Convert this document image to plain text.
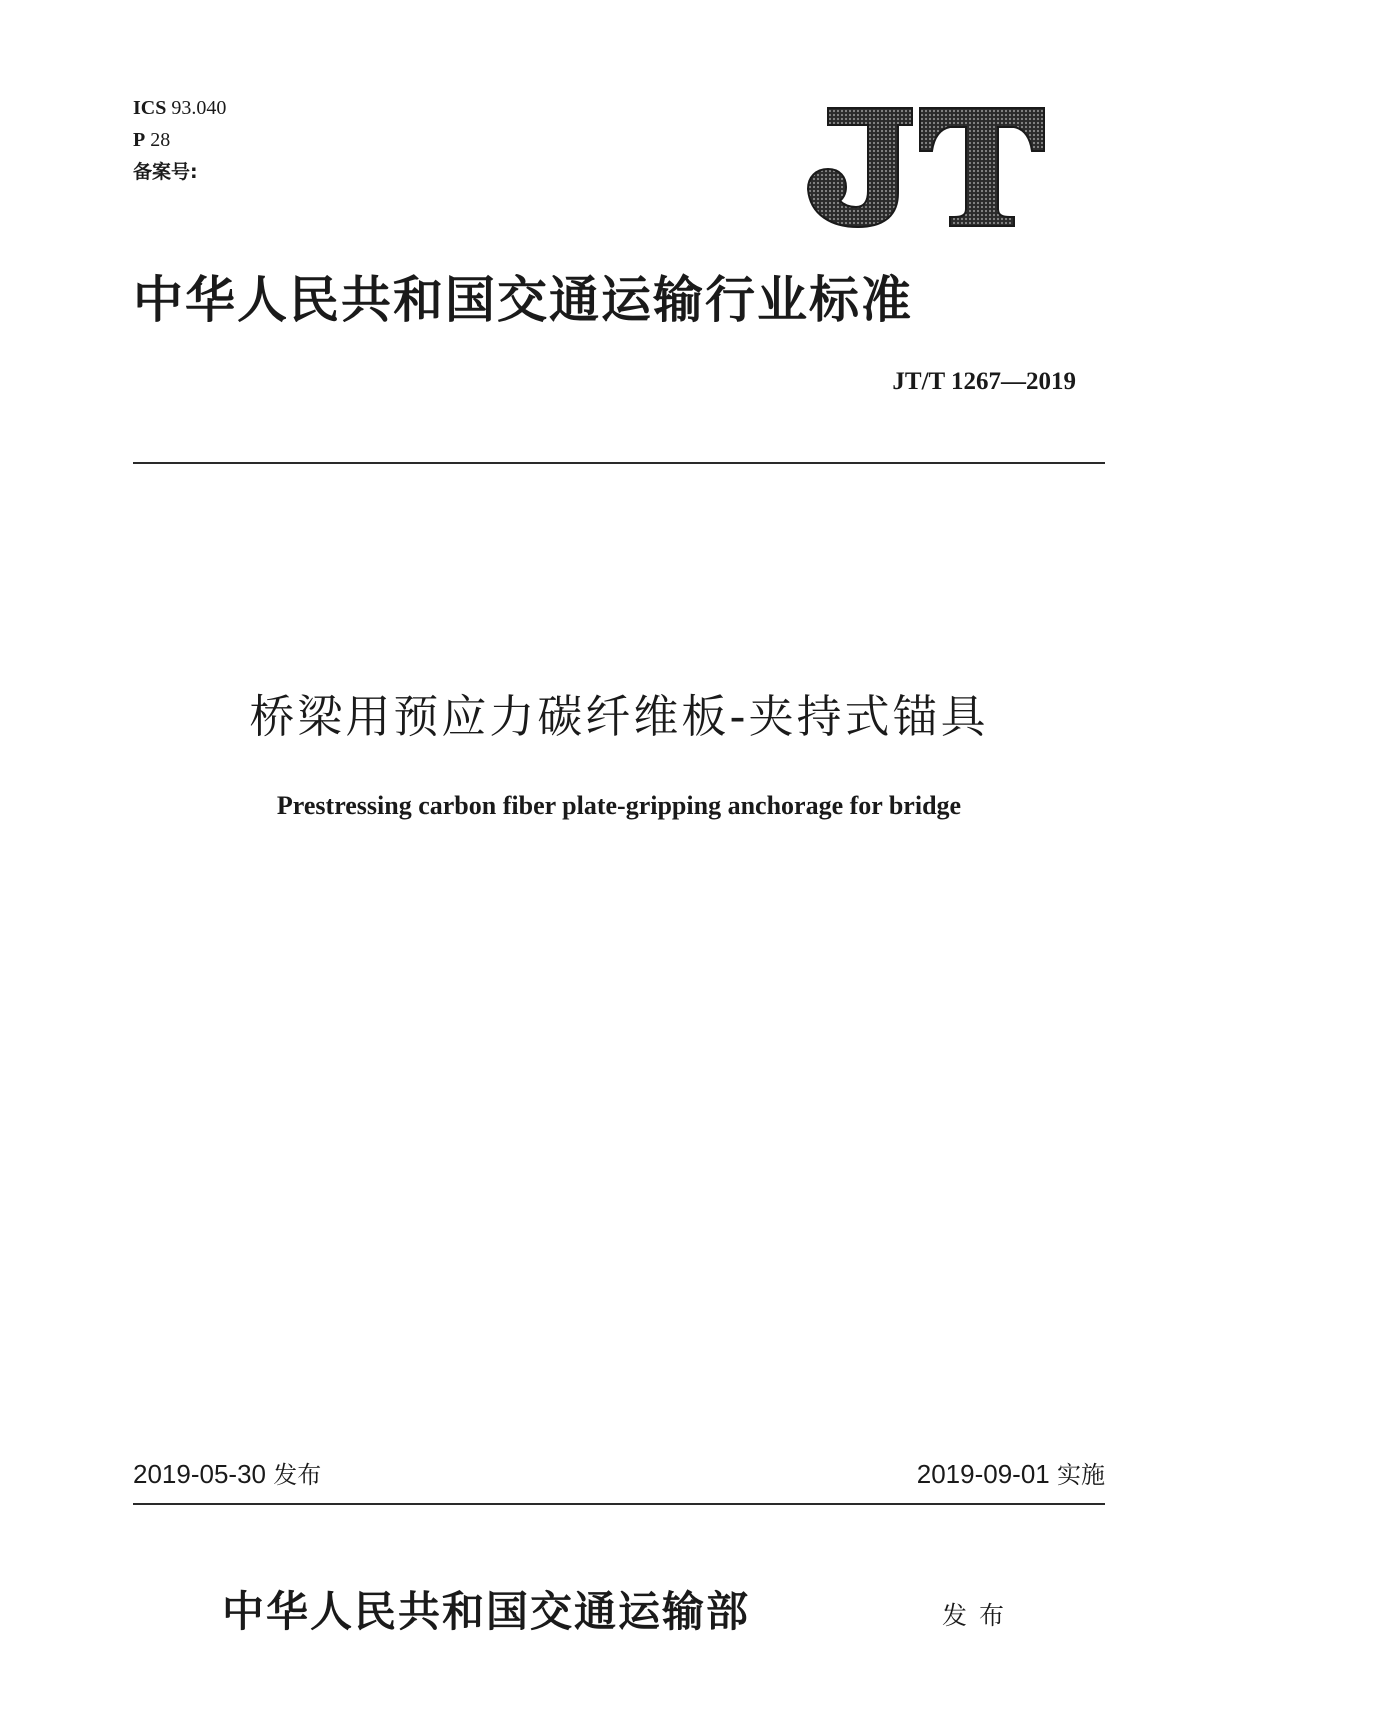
ICS 93.040
P 28
备案号:
中华人民共和国交通运输行业标准
JT/T 1267—2019
桥梁用预应力碳纤维板-夹持式锚具
Prestressing carbon fiber plate-gripping anchorage for bridge
2019-05-30 发布	2019-09-01 实施
中华人民共和国交通运输部	发布
